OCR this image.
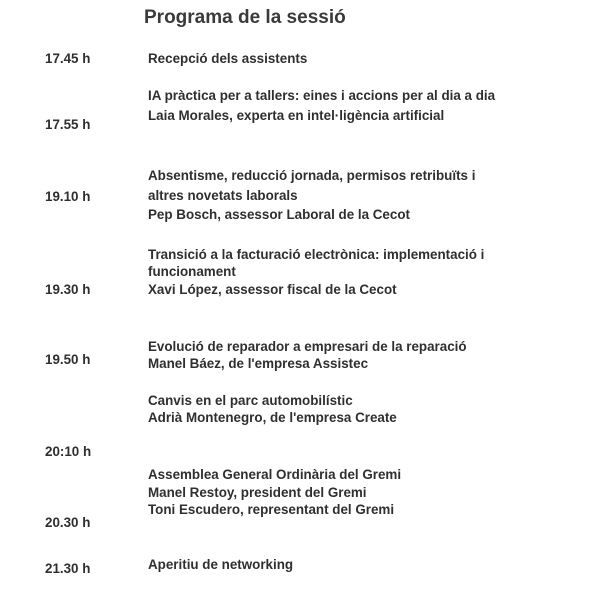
Programa de la sessió
17.45 h
17.55 h
19.10 h
19.30 h
19.50 h
20:10 h
20.30 h
21.30 h
Recepció dels assistents
IA pràctica per a tallers: eines i accions per al dia a dia
Laia Morales, experta en intel·ligència artificial
Absentisme, reducció jornada, permisos retribuïts i
altres novetats laborals
Pep Bosch, assessor Laboral de la Cecot
Transició a la facturació electrònica: implementació i
funcionament
Xavi López, assessor fiscal de la Cecot
Evolució de reparador a empresari de la reparació
Manel Báez, de l'empresa Assistec
Canvis en el parc automobilístic
Adrià Montenegro, de l'empresa Create
Assemblea General Ordinària del Gremi
Manel Restoy, president del Gremi
Toni Escudero, representant del Gremi
Aperitiu de networking
